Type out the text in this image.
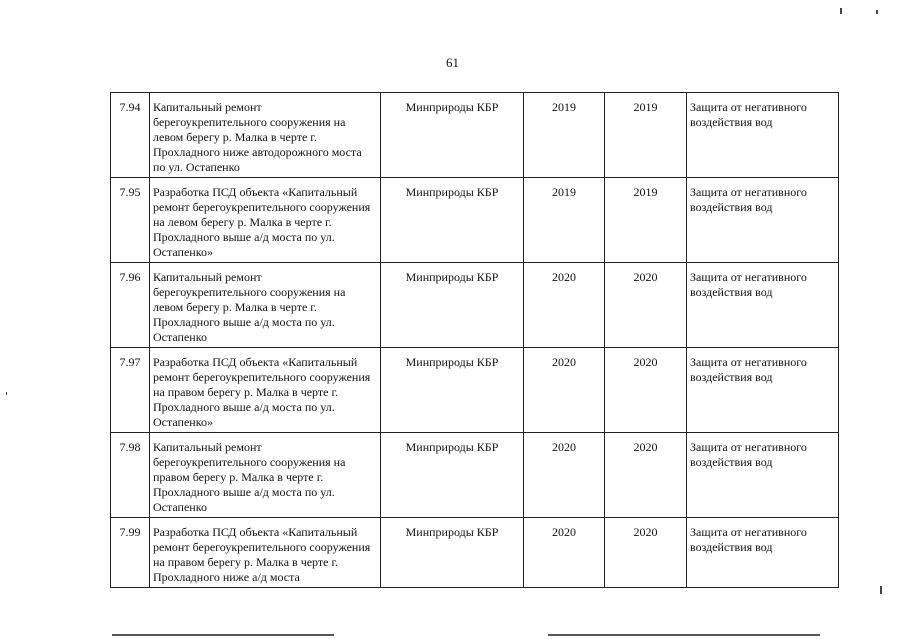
61
7.94	Капитальный ремонт берегоукрепительного сооружения на левом берегу р. Малка в черте г. Прохладного ниже автодорожного моста по ул. Остапенко	Минприроды КБР	2019	2019	Защита от негативного воздействия вод
7.95	Разработка ПСД объекта «Капитальный ремонт берегоукрепительного сооружения на левом берегу р. Малка в черте г. Прохладного выше а/д моста по ул. Остапенко»	Минприроды КБР	2019	2019	Защита от негативного воздействия вод
7.96	Капитальный ремонт берегоукрепительного сооружения на левом берегу р. Малка в черте г. Прохладного выше а/д моста по ул. Остапенко	Минприроды КБР	2020	2020	Защита от негативного воздействия вод
7.97	Разработка ПСД объекта «Капитальный ремонт берегоукрепительного сооружения на правом берегу р. Малка в черте г. Прохладного выше а/д моста по ул. Остапенко»	Минприроды КБР	2020	2020	Защита от негативного воздействия вод
7.98	Капитальный ремонт берегоукрепительного сооружения на правом берегу р. Малка в черте г. Прохладного выше а/д моста по ул. Остапенко	Минприроды КБР	2020	2020	Защита от негативного воздействия вод
7.99	Разработка ПСД объекта «Капитальный ремонт берегоукрепительного сооружения на правом берегу р. Малка в черте г. Прохладного ниже а/д моста	Минприроды КБР	2020	2020	Защита от негативного воздействия вод
